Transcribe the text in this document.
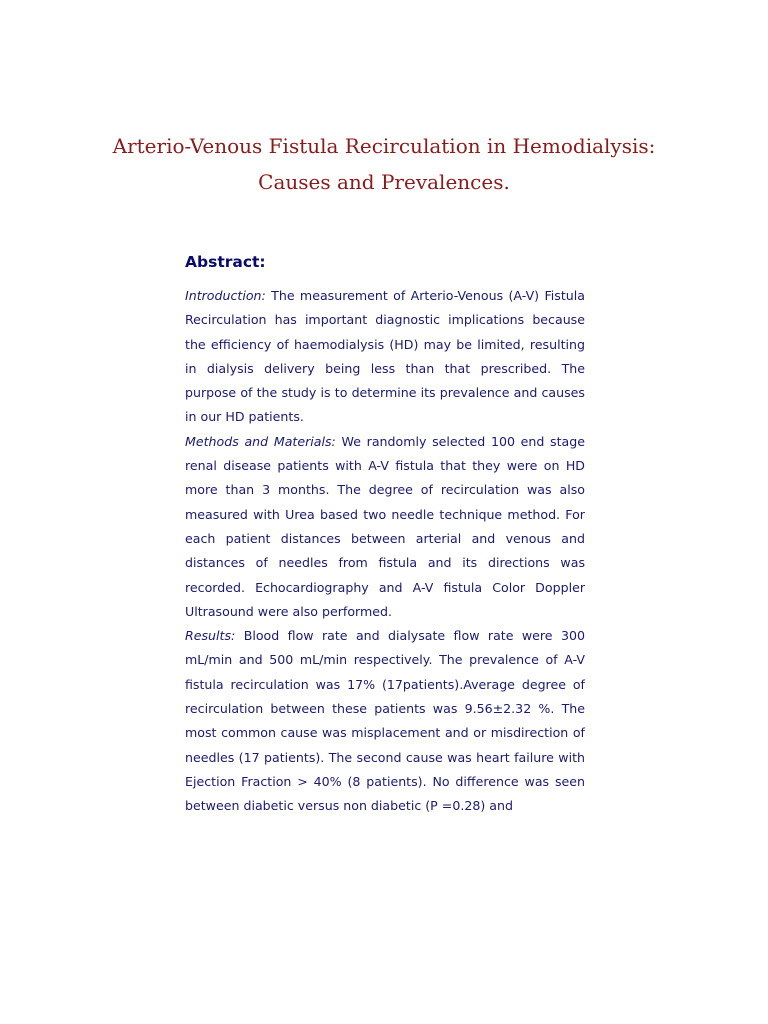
Arterio-Venous Fistula Recirculation in Hemodialysis:
Causes and Prevalences.
Abstract:

Introduction: The measurement of Arterio-Venous (A-V) Fistula Recirculation has important diagnostic implications because the efficiency of haemodialysis (HD) may be limited, resulting in dialysis delivery being less than that prescribed. The purpose of the study is to determine its prevalence and causes in our HD patients.

Methods and Materials: We randomly selected 100 end stage renal disease patients with A-V fistula that they were on HD more than 3 months. The degree of recirculation was also measured with Urea based two needle technique method. For each patient distances between arterial and venous and distances of needles from fistula and its directions was recorded. Echocardiography and A-V fistula Color Doppler Ultrasound were also performed.

Results: Blood flow rate and dialysate flow rate were 300 mL/min and 500 mL/min respectively. The prevalence of A-V fistula recirculation was 17% (17patients).Average degree of recirculation between these patients was 9.56±2.32 %. The most common cause was misplacement and or misdirection of needles (17 patients). The second cause was heart failure with Ejection Fraction > 40% (8 patients). No difference was seen between diabetic versus non diabetic (P =0.28) and
